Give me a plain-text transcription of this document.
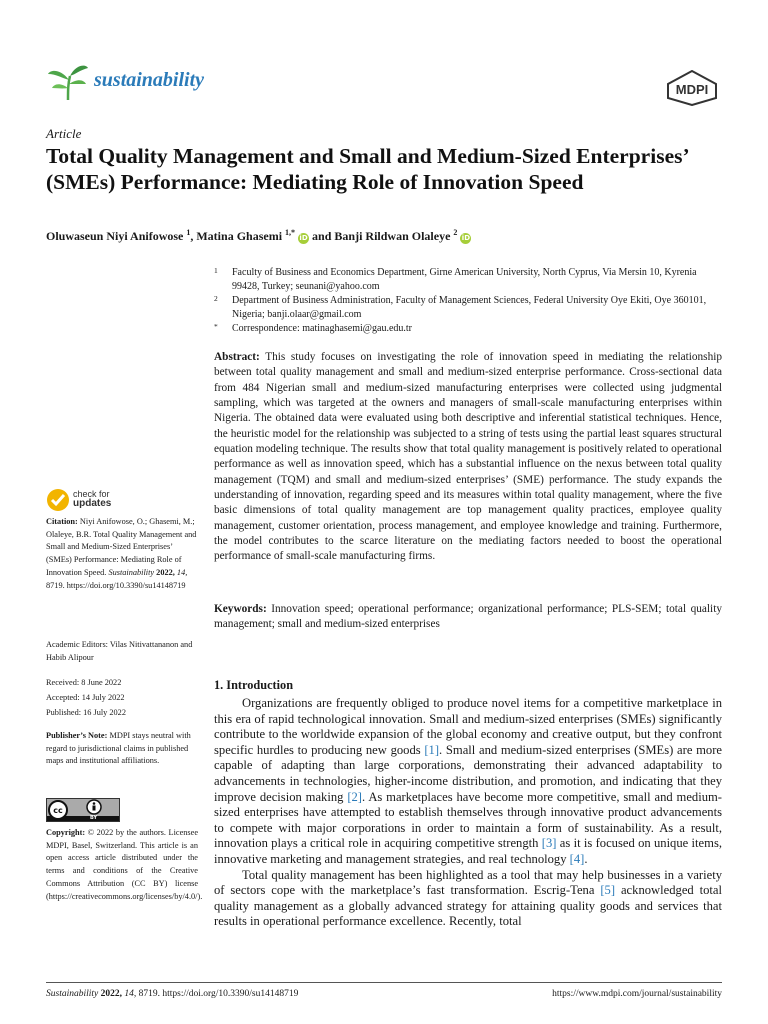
sustainability	MDPI
Article
Total Quality Management and Small and Medium-Sized Enterprises’ (SMEs) Performance: Mediating Role of Innovation Speed
Oluwaseun Niyi Anifowose $^1$, Matina Ghasemi $^{1,*}$ iD and Banji Rildwan Olaleye $^2$ iD
1	Faculty of Business and Economics Department, Girne American University, North Cyprus, Via Mersin 10, Kyrenia 99428, Turkey; seunani@yahoo.com
2	Department of Business Administration, Faculty of Management Sciences, Federal University Oye Ekiti, Oye 360101, Nigeria; banji.olaar@gmail.com
*	Correspondence: matinaghasemi@gau.edu.tr
Abstract: This study focuses on investigating the role of innovation speed in mediating the relationship between total quality management and small and medium-sized enterprise performance. Cross-sectional data from 484 Nigerian small and medium-sized manufacturing enterprises were collected using judgmental sampling, which was targeted at the owners and managers of small-scale manufacturing enterprises within Nigeria. The obtained data were evaluated using both descriptive and inferential statistical techniques. Hence, the heuristic model for the relationship was subjected to a string of tests using the partial least squares structural equation modeling technique. The results show that total quality management is positively related to operational performance as well as innovation speed, which has a substantial influence on the nexus between total quality management (TQM) and small and medium-sized enterprises’ (SME) performance. The study expands the understanding of innovation, regarding speed and its measures within total quality management, where the five basic dimensions of total quality management are top management quality practices, employee quality management, customer orientation, process management, and employee knowledge and training. Furthermore, the model contributes to the scarce literature on the mediating factors needed to boost the operational performance of small-scale manufacturing firms.
Keywords: Innovation speed; operational performance; organizational performance; PLS-SEM; total quality management; small and medium-sized enterprises
check for
updates
Citation: Niyi Anifowose, O.; Ghasemi, M.; Olaleye, B.R. Total Quality Management and Small and Medium-Sized Enterprises’ (SMEs) Performance: Mediating Role of Innovation Speed. Sustainability 2022, 14, 8719. https://doi.org/10.3390/su14148719
Academic Editors: Vilas Nitivattananon and Habib Alipour
Received: 8 June 2022
Accepted: 14 July 2022
Published: 16 July 2022
Publisher’s Note: MDPI stays neutral with regard to jurisdictional claims in published maps and institutional affiliations.
cc
BY
Copyright: © 2022 by the authors. Licensee MDPI, Basel, Switzerland. This article is an open access article distributed under the terms and conditions of the Creative Commons Attribution (CC BY) license (https://creativecommons.org/licenses/by/4.0/).
1. Introduction

Organizations are frequently obliged to produce novel items for a competitive marketplace in this era of rapid technological innovation. Small and medium-sized enterprises (SMEs) significantly contribute to the worldwide expansion of the global economy and creative output, but they confront specific hurdles to producing new goods [1]. Small and medium-sized enterprises (SMEs) are more capable of adapting than large corporations, demonstrating their advanced adaptability to advancements in technologies, higher-income distribution, and promotion, and indicating that they improve decision making [2]. As marketplaces have become more competitive, small and medium-sized enterprises have attempted to establish themselves through innovative product advancements to compete with major corporations in order to maintain a form of sustainability. As a result, innovation plays a critical role in acquiring competitive strength [3] as it is focused on unique items, innovative marketing and management strategies, and real technology [4].

Total quality management has been highlighted as a tool that may help businesses in a variety of sectors cope with the marketplace’s fast transformation. Escrig-Tena [5] acknowledged total quality management as a globally advanced strategy for attaining quality goods and services that results in operational performance excellence. Recently, total

Sustainability 2022, 14, 8719. https://doi.org/10.3390/su14148719	https://www.mdpi.com/journal/sustainability
